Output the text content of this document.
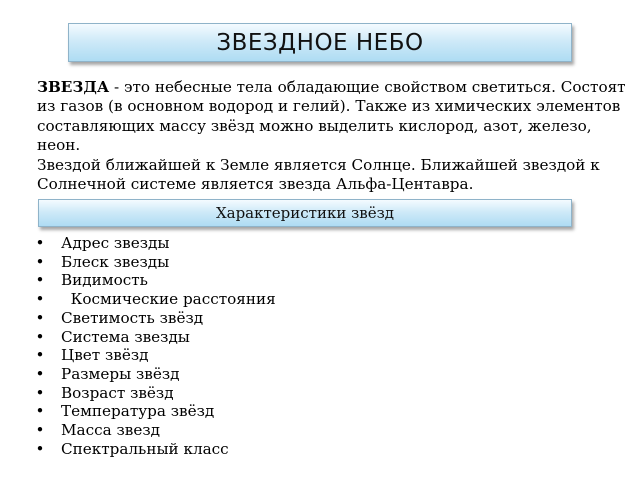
ЗВЕЗДНОЕ НЕБО

ЗВЕЗДА - это небесные тела обладающие свойством светиться. Состоят из газов (в основном водород и гелий). Также из химических элементов составляющих массу звёзд можно выделить кислород, азот, железо, неон.

Звездой ближайшей к Земле является Солнце. Ближайшей звездой к Солнечной системе является звезда Альфа-Центавра.

Характеристики звёзд
•	Адрес звезды
•	Блеск звезды
•	Видимость
•	Космические расстояния
•	Светимость звёзд
•	Система звезды
•	Цвет звёзд
•	Размеры звёзд
•	Возраст звёзд
•	Температура звёзд
•	Масса звезд
•	Спектральный класс
